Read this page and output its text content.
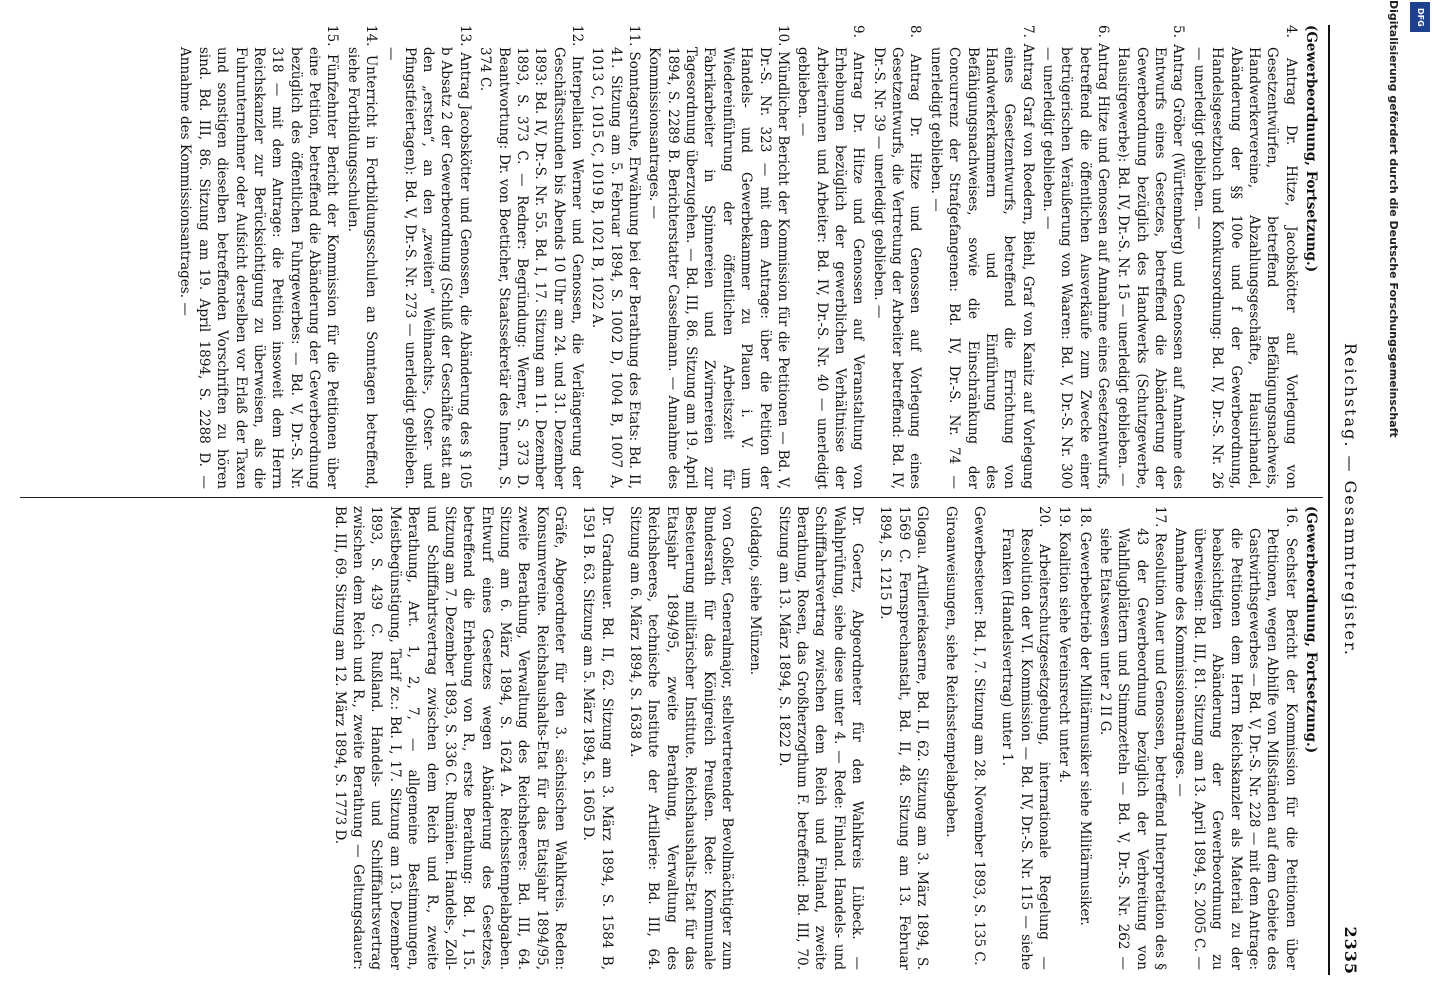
Reichstag. — Gesammtregister.
2335

(Gewerbeordnung, Fortsetzung.)

4. Antrag Dr. Hitze, Jacobskötter auf Vorlegung von Gesetzentwürfen, betreffend Befähigungsnachweis, Handwerkervereine, Abzahlungsgeschäfte, Hausirhandel, Abänderung der §§ 100e und f der Gewerbeordnung, Handelsgesetzbuch und Konkursordnung: Bd. IV, Dr.-S. Nr. 26 — unerledigt geblieben. —

5. Antrag Gröber (Württemberg) und Genossen auf Annahme des Entwurfs eines Gesetzes, betreffend die Abänderung der Gewerbeordnung bezüglich des Handwerks (Schutzgewerbe, Hausirgewerbe): Bd. IV, Dr.-S. Nr. 15 — unerledigt geblieben. —

6. Antrag Hitze und Genossen auf Annahme eines Gesetzentwurfs, betreffend die öffentlichen Ausverkäufe zum Zwecke einer betrügerischen Veräußerung von Waaren: Bd. V, Dr.-S. Nr. 300 — unerledigt geblieben. —

7. Antrag Graf von Roedern, Biehl, Graf von Kanitz auf Vorlegung eines Gesetzentwurfs, betreffend die Errichtung von Handwerkerkammern und Einführung des Befähigungsnachweises, sowie die Einschränkung der Concurrenz der Strafgefangenen: Bd. IV, Dr.-S. Nr. 74 — unerledigt geblieben. —

8. Antrag Dr. Hitze und Genossen auf Vorlegung eines Gesetzentwurfs, die Vertretung der Arbeiter betreffend: Bd. IV, Dr.-S. Nr. 39 — unerledigt geblieben. —

9. Antrag Dr. Hitze und Genossen auf Veranstaltung von Erhebungen bezüglich der gewerblichen Verhältnisse der Arbeiterinnen und Arbeiter: Bd. IV, Dr.-S. Nr. 40 — unerledigt geblieben. —

10. Mündlicher Bericht der Kommission für die Petitionen — Bd. V, Dr.-S. Nr. 323 — mit dem Antrage: über die Petition der Handels- und Gewerbekammer zu Plauen i. V. um Wiedereinführung der öffentlichen Arbeitszeit für Fabrikarbeiter in Spinnereien und Zwirnereien zur Tagesordnung überzugehen. — Bd. III, 86. Sitzung am 19. April 1894, S. 2289 B. Berichterstatter Casselmann. — Annahme des Kommissionsantrages. —

11. Sonntagsruhe, Erwähnung bei der Berathung des Etats: Bd. II, 41. Sitzung am 5. Februar 1894, S. 1002 D, 1004 B, 1007 A, 1013 C, 1015 C, 1019 B, 1021 B, 1022 A.

12. Interpellation Werner und Genossen, die Verlängerung der Geschäftsstunden bis Abends 10 Uhr am 24. und 31. Dezember 1893: Bd. IV, Dr.-S. Nr. 55. Bd. I, 17. Sitzung am 11. Dezember 1893, S. 373 C. — Redner: Begründung: Werner, S. 373 D. Beantwortung: Dr. von Boetticher, Staatssekretär des Innern, S. 374 C.

13. Antrag Jacobskötter und Genossen, die Abänderung des § 105 b Absatz 2 der Gewerbeordnung (Schluß der Geschäfte statt an den „ersten“, an den „zweiten“ Weihnachts-, Oster- und Pfingstfeiertagen): Bd. V, Dr.-S. Nr. 273 — unerledigt geblieben. —

14. Unterricht in Fortbildungsschulen an Sonntagen betreffend, siehe Fortbildungsschulen.

15. Fünfzehnter Bericht der Kommission für die Petitionen über eine Petition, betreffend die Abänderung der Gewerbeordnung bezüglich des öffentlichen Fuhrgewerbes: — Bd. V, Dr.-S. Nr. 318 — mit dem Antrage: die Petition insoweit dem Herrn Reichskanzler zur Berücksichtigung zu überweisen, als die Fuhrunternehmer oder Aufsicht derselben vor Erlaß der Taxen und sonstigen dieselben betreffenden Vorschriften zu hören sind. Bd. III, 86. Sitzung am 19. April 1894, S. 2288 D. — Annahme des Kommissionsantrages. —

(Gewerbeordnung, Fortsetzung.)

16. Sechster Bericht der Kommission für die Petitionen über Petitionen, wegen Abhilfe von Mißständen auf dem Gebiete des Gastwirthsgewerbes — Bd. V, Dr.-S. Nr. 228 — mit dem Antrage: die Petitionen dem Herrn Reichskanzler als Material zu der beabsichtigten Abänderung der Gewerbeordnung zu überweisen: Bd. III, 81. Sitzung am 13. April 1894, S. 2005 C. — Annahme des Kommissionsantrages. —

17. Resolution Auer und Genossen, betreffend Interpretation des § 43 der Gewerbeordnung bezüglich der Verbreitung von Wahlflugblättern und Stimmzetteln — Bd. V, Dr.-S. Nr. 262 — siehe Etatswesen unter 2 II G.

18. Gewerbebetrieb der Militärmusiker siehe Militärmusiker.

19. Koalition siehe Vereinsrecht unter 4.

20. Arbeiterschutzgesetzgebung, internationale Regelung — Resolution der VI. Kommission — Bd. IV, Dr.-S. Nr. 115 — siehe Franken (Handelsvertrag) unter 1.

Gewerbesteuer: Bd. I, 7. Sitzung am 28. November 1893, S. 135 C.

Giroanweisungen, siehe Reichsstempelabgaben.

Glogau. Artilleriekaserne, Bd. II, 62. Sitzung am 3. März 1894, S. 1569 C. Fernsprechanstalt, Bd. II, 48. Sitzung am 13. Februar 1894, S. 1215 D.

Dr. Goertz, Abgeordneter für den Wahlkreis Lübeck. — Wahlprüfung, siehe diese unter 4. — Rede: Finland. Handels- und Schifffahrtsvertrag zwischen dem Reich und Finland, zweite Berathung, Rosen, das Großherzogthum F. betreffend: Bd. III, 70. Sitzung am 13. März 1894, S. 1822 D.

Goldagio, siehe Münzen.

von Goßler, Generalmajor, stellvertretender Bevollmächtigter zum Bundesrath für das Königreich Preußen. Rede: Kommunale Besteuerung militärischer Institute. Reichshaushalts-Etat für das Etatsjahr 1894/95, zweite Berathung, Verwaltung des Reichsheeres, technische Institute der Artillerie: Bd. III, 64. Sitzung am 6. März 1894, S. 1638 A.

Dr. Gradnauer. Bd. II, 62. Sitzung am 3. März 1894, S. 1584 B, 1591 B. 63. Sitzung am 5. März 1894, S. 1605 D.

Gräfe, Abgeordneter für den 3. sächsischen Wahlkreis. Reden: Konsumvereine. Reichshaushalts-Etat für das Etatsjahr 1894/95, zweite Berathung, Verwaltung des Reichsheeres: Bd. III, 64. Sitzung am 6. März 1894, S. 1624 A. Reichsstempelabgaben. Entwurf eines Gesetzes wegen Abänderung des Gesetzes, betreffend die Erhebung von R., erste Berathung: Bd. I, 15. Sitzung am 7. Dezember 1893, S. 336 C. Rumänien. Handels-, Zoll- und Schifffahrtsvertrag zwischen dem Reich und R., zweite Berathung, Art. 1, 2, 7, — allgemeine Bestimmungen, Meistbegünstigung, Tarif zc.: Bd. I, 17. Sitzung am 13. Dezember 1893, S. 439 C. Rußland. Handels- und Schifffahrtsvertrag zwischen dem Reich und R., zweite Berathung — Geltungsdauer: Bd. III, 69. Sitzung am 12. März 1894, S. 1773 D.

Digitalisierung gefördert durch die Deutsche Forschungsgemeinschaft	DFG
